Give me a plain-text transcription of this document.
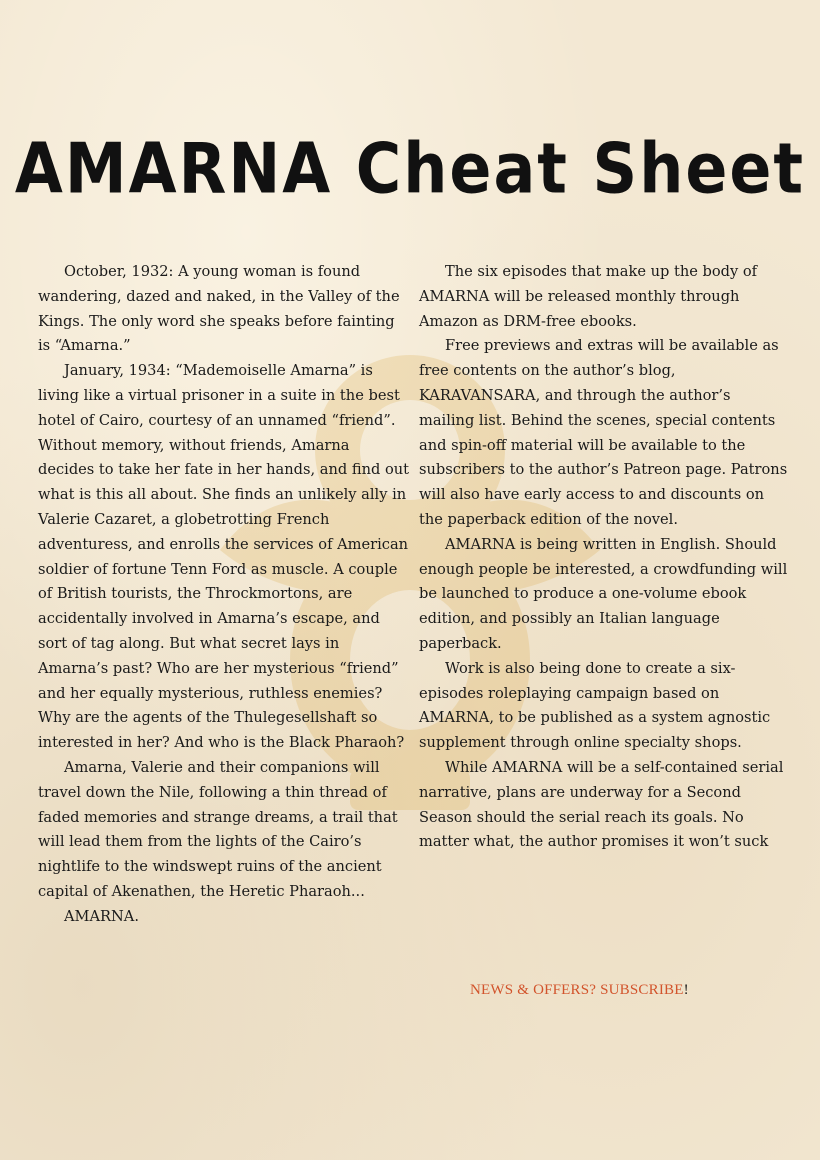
AMARNA Cheat Sheet

October, 1932: A young woman is found wandering, dazed and naked, in the Valley of the Kings. The only word she speaks before fainting is “Amarna.”

January, 1934: “Mademoiselle Amarna” is living like a virtual prisoner in a suite in the best hotel of Cairo, courtesy of an unnamed “friend”. Without memory, without friends, Amarna decides to take her fate in her hands, and find out what is this all about. She finds an unlikely ally in Valerie Cazaret, a globetrotting French adventuress, and enrolls the services of American soldier of fortune Tenn Ford as muscle. A couple of British tourists, the Throckmortons, are accidentally involved in Amarna’s escape, and sort of tag along. But what secret lays in Amarna’s past? Who are her mysterious “friend” and her equally mysterious, ruthless enemies? Why are the agents of the Thulegesellshaft so interested in her? And who is the Black Pharaoh?

Amarna, Valerie and their companions will travel down the Nile, following a thin thread of faded memories and strange dreams, a trail that will lead them from the lights of the Cairo’s nightlife to the windswept ruins of the ancient capital of Akenathen, the Heretic Pharaoh...

AMARNA.

The six episodes that make up the body of AMARNA will be released monthly through Amazon as DRM-free ebooks.

Free previews and extras will be available as free contents on the author’s blog, KARAVANSARA, and through the author’s mailing list. Behind the scenes, special contents and spin-off material will be available to the subscribers to the author’s Patreon page. Patrons will also have early access to and discounts on the paperback edition of the novel.

AMARNA is being written in English. Should enough people be interested, a crowdfunding will be launched to produce a one-volume ebook edition, and possibly an Italian language paperback.

Work is also being done to create a six-episodes roleplaying campaign based on AMARNA, to be published as a system agnostic supplement through online specialty shops.

While AMARNA will be a self-contained serial narrative, plans are underway for a Second Season should the serial reach its goals. No matter what, the author promises it won’t suck

NEWS & OFFERS? SUBSCRIBE!
